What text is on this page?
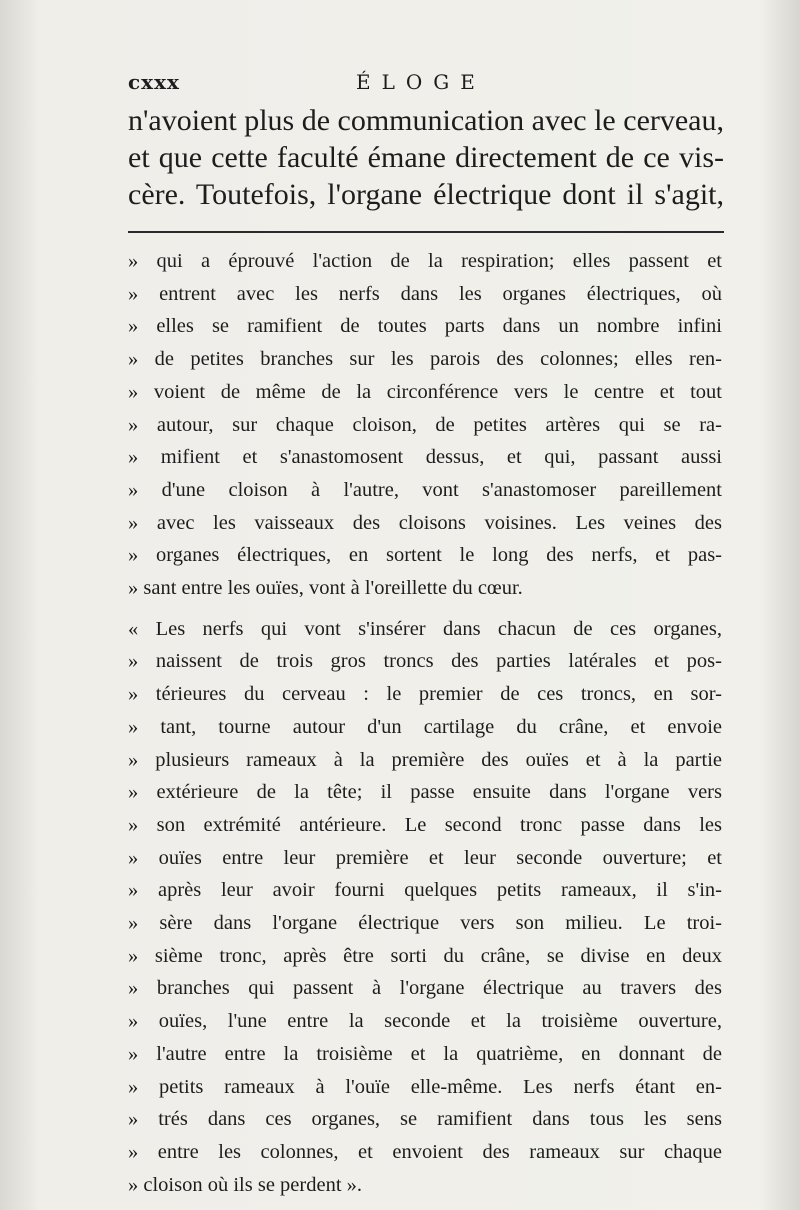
cxxx	ÉLOGE
n'avoient plus de communication avec le cerveau,
et que cette faculté émane directement de ce vis-
cère. Toutefois, l'organe électrique dont il s'agit,
» qui a éprouvé l'action de la respiration; elles passent et
» entrent avec les nerfs dans les organes électriques, où
» elles se ramifient de toutes parts dans un nombre infini
» de petites branches sur les parois des colonnes; elles ren-
» voient de même de la circonférence vers le centre et tout
» autour, sur chaque cloison, de petites artères qui se ra-
» mifient et s'anastomosent dessus, et qui, passant aussi
» d'une cloison à l'autre, vont s'anastomoser pareillement
» avec les vaisseaux des cloisons voisines. Les veines des
» organes électriques, en sortent le long des nerfs, et pas-
» sant entre les ouïes, vont à l'oreillette du cœur.
« Les nerfs qui vont s'insérer dans chacun de ces organes,
» naissent de trois gros troncs des parties latérales et pos-
» térieures du cerveau : le premier de ces troncs, en sor-
» tant, tourne autour d'un cartilage du crâne, et envoie
» plusieurs rameaux à la première des ouïes et à la partie
» extérieure de la tête; il passe ensuite dans l'organe vers
» son extrémité antérieure. Le second tronc passe dans les
» ouïes entre leur première et leur seconde ouverture; et
» après leur avoir fourni quelques petits rameaux, il s'in-
» sère dans l'organe électrique vers son milieu. Le troi-
» sième tronc, après être sorti du crâne, se divise en deux
» branches qui passent à l'organe électrique au travers des
» ouïes, l'une entre la seconde et la troisième ouverture,
» l'autre entre la troisième et la quatrième, en donnant de
» petits rameaux à l'ouïe elle-même. Les nerfs étant en-
» trés dans ces organes, se ramifient dans tous les sens
» entre les colonnes, et envoient des rameaux sur chaque
» cloison où ils se perdent ».
